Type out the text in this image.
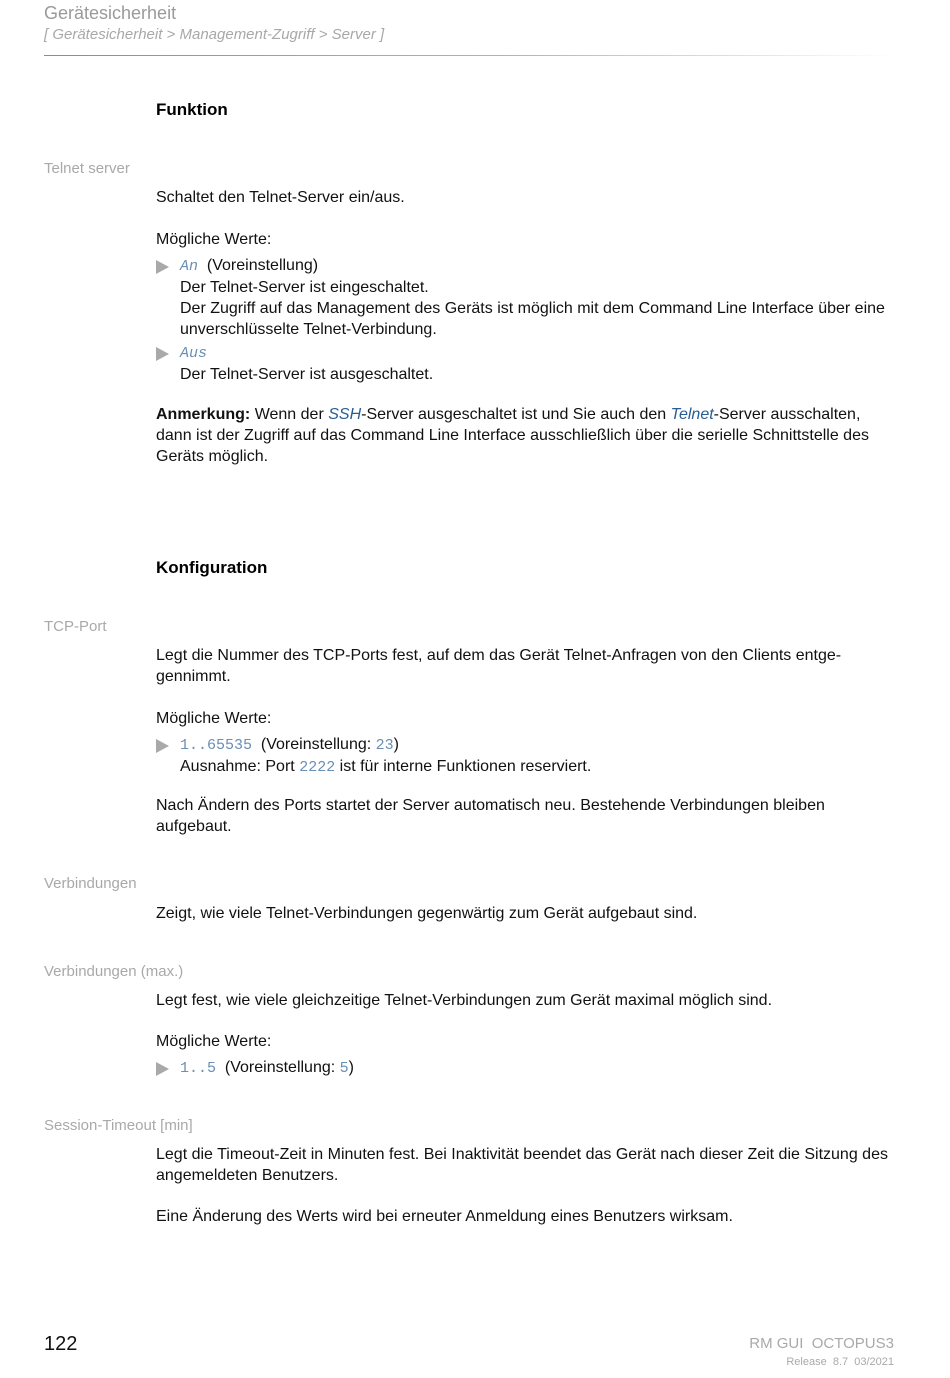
Gerätesicherheit
[ Gerätesicherheit > Management-Zugriff > Server ]
Funktion
Telnet server
Schaltet den Telnet-Server ein/aus.
Mögliche Werte:
An (Voreinstellung)
Der Telnet-Server ist eingeschaltet.
Der Zugriff auf das Management des Geräts ist möglich mit dem Command Line Interface über eine unverschlüsselte Telnet-Verbindung.
Aus
Der Telnet-Server ist ausgeschaltet.
Anmerkung: Wenn der SSH-Server ausgeschaltet ist und Sie auch den Telnet-Server ausschalten, dann ist der Zugriff auf das Command Line Interface ausschließlich über die serielle Schnittstelle des Geräts möglich.
Konfiguration
TCP-Port
Legt die Nummer des TCP-Ports fest, auf dem das Gerät Telnet-Anfragen von den Clients entgegennimmt.
Mögliche Werte:
1..65535 (Voreinstellung: 23)
Ausnahme: Port 2222 ist für interne Funktionen reserviert.
Nach Ändern des Ports startet der Server automatisch neu. Bestehende Verbindungen bleiben aufgebaut.
Verbindungen
Zeigt, wie viele Telnet-Verbindungen gegenwärtig zum Gerät aufgebaut sind.
Verbindungen (max.)
Legt fest, wie viele gleichzeitige Telnet-Verbindungen zum Gerät maximal möglich sind.
Mögliche Werte:
1..5 (Voreinstellung: 5)
Session-Timeout [min]
Legt die Timeout-Zeit in Minuten fest. Bei Inaktivität beendet das Gerät nach dieser Zeit die Sitzung des angemeldeten Benutzers.
Eine Änderung des Werts wird bei erneuter Anmeldung eines Benutzers wirksam.
122	RM GUI  OCTOPUS3
Release  8.7  03/2021
